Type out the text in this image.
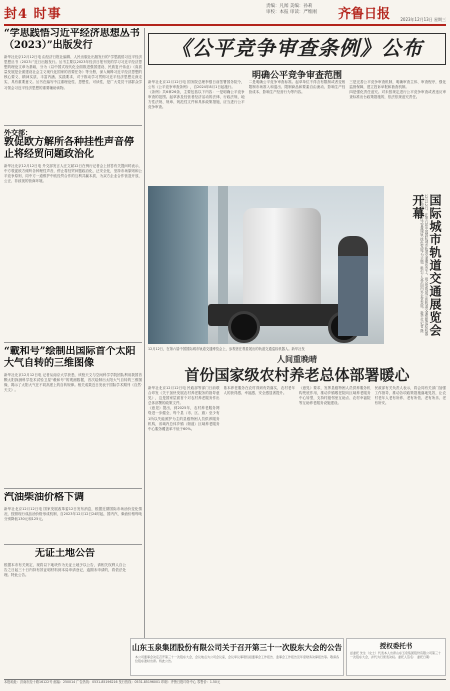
封4 时事
责编：凡闻 美编：孙莉
审校：本报 审读：严维刚 齐鲁日报	2023年12月13日 星期三
“学思践悟习近平经济思想丛书（2023）”出版发行

新华社北京12月12日电 由经济日报社编辑、人民出版社出版发行的“学思践悟习近平经济思想丛书（2023）”近日出版发行。丛书主要以2023年经济日报刊发的学习习近平经济思想的理论文章为基础，分为《以中国式现代化全面推进强国建设、民族复兴伟业》《高质量发展是全面建设社会主义现代化国家的首要任务》等分册，深入阐释习近平经济思想的核心要义、精神实质、丰富内涵、实践要求，对于推动学习贯彻习近平经济思想走深走实，具有重要意义。丛书在编写中注重理论性、思想性、可读性，是广大党员干部群众学习领会习近平经济思想的重要辅助读物。

外交部：
敦促欧方解所各种挂性声音停止将经贸问题政治化

新华社北京12月12日电 外交部发言人汪文斌12日在例行记者会上回答有关提问时表示，中方敦促欧方倾听各种理性声音，停止将经贸问题政治化、泛安全化，坚持市场原则和公平竞争原则，同中方一道维护中欧经贸合作的互利共赢本质，为双方企业合作营造开放、公正、非歧视的营商环境。

“載和号”绘制出国际首个太阳大气自转的三维图像

新华社北京12月12日电 记者从南京大学获悉，该校天文与空间科学学院团队利用我国首颗太阳探测科学技术试验卫星“羲和号”的观测数据，首次绘制出太阳大气自转的三维图像，揭示了太阳大气在不同高度上的自转规律。相关成果近日发表于国际学术期刊《自然·天文》。

汽油柴油价格下调

新华社北京12月12日电 国家发展改革委12日发布消息，根据近期国际市场油价变化情况，按照现行成品油价格形成机制，自2023年12月12日24时起，国内汽、柴油价格每吨分别降低130元和125元。

无证土地公告

根据本市有关规定，现将以下地块作为无证土地予以公告，请相关权利人自公告之日起三十日内持有效证明材料到本局申请登记，逾期未申请的，将依法处理。特此公告。

《公平竞争审查条例》公布
明确公平竞争审查范围

新华社北京12月12日电 国务院总理李强日前签署国务院令，公布《公平竞争审查条例》，自2024年8月1日起施行。

《条例》共6章26条，主要包括以下内容：一是明确公平竞争审查的范围。起草涉及经营者经济活动的法律、行政法规、地方性法规、规章、规范性文件和具体政策措施，应当进行公平竞争审查。

二是明确公平竞争审查标准。起草单位不得含有限制或者变相限制市场准入和退出、限制商品和要素自由流动、影响生产经营成本、影响生产经营行为等内容。

三是完善公平竞争审查机制，明确审查主体、审查程序，强化监督保障，建立投诉举报和抽查机制。

四是强化责任追究。对未按规定进行公平竞争审查或者违反审查标准出台政策措施的，依法依规追究责任。

12月12日，在第六届中国国际城市轨道交通博览会上，观众参观展示的轨道交通智能巡检机器人。本届博览会以“智慧城轨 绿色发展”为主题，吸引了众多国内外企业参展。新华社记者 摄 国际城市轨道交通展览会开幕
12月12日，在第六届中国国际城市轨道交通博览会上，参观者在观看展出的轨道交通巡检机器人。新华社发
人间重晚晴
首份国家级农村养老总体部署暖心

新华社北京12月12日电 民政部等部门日前联合印发《关于加快发展农村养老服务的指导意见》，这是国家层面首个对农村养老服务作出总体部署的政策文件。

《意见》提出，到2025年，农村养老服务网络进一步健全，每个县（市、区、旗）至少有1所以失能照护为主的县级特困人员供养服务机构，省域内总体乡镇（街道）区域养老服务中心服务覆盖率不低于60%。

基本养老服务在农村得到有效落实，农村老年人的获得感、幸福感、安全感显著提升。

《意见》要求，发挥县级特困人员供养服务机构兜底作用，推动乡镇敬老院向区域养老服务中心转型，支持村级邻里互助点、农村幸福院等互助养老服务设施建设。

民政部有关负责人表示，将会同有关部门加强工作指导，推动各项政策措施落地见效，让农村老年人老有所养、老有所依、老有所乐、老有所安。

山东玉泉集团股份有限公司关于召开第三十一次股东大会的公告
本公司董事会决定召开第三十一次股东大会，会议地点为公司会议室，会议审议事项包括董事会工作报告、监事会工作报告及年度财务决算报告等。敬请各位股东准时出席。特此公告。
授权委托书
兹委托 先生（女士）代表本人出席山东玉泉集团股份有限公司第三十一次股东大会，并代为行使表决权。委托人签名： 委托日期：
本报地址：济南市经十路16122号 邮编：250014 广告热线：0531-85196216 发行热线：0531-85196001 印刷：齐鲁日报印务中心 零售价：1.50元
